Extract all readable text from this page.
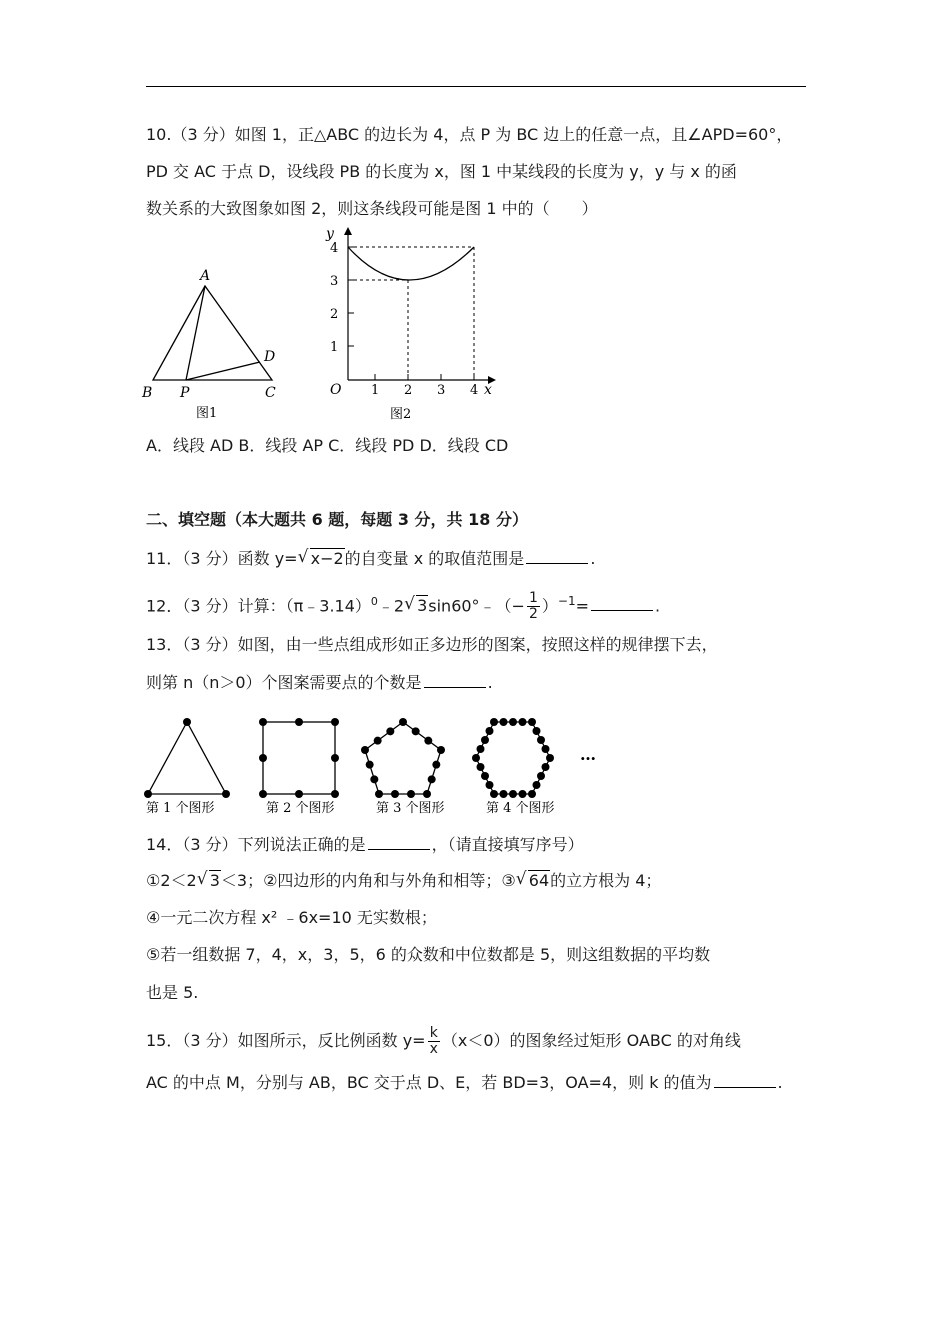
10.（3 分）如图 1，正△ABC 的边长为 4，点 P 为 BC 边上的任意一点，且∠APD=60°，
PD 交 AC 于点 D，设线段 PB 的长度为 x，图 1 中某线段的长度为 y，y 与 x 的函
数关系的大致图象如图 2，则这条线段可能是图 1 中的（　　）
A
B P	C
D
图1
y
x
O
4
3
2
1
1 2 3 4
图2
A．线段 AD B．线段 AP C．线段 PD D．线段 CD
二、填空题（本大题共 6 题，每题 3 分，共 18 分）
11．（3 分）函数 y= √ x−2的自变量 x 的取值范围是	.
12．（3 分）计算：（π﹣3.14）$^0$﹣2 √ 3sin60°﹣（− $\frac{1}{2} )^{-1}=$	.
13．（3 分）如图，由一些点组成形如正多边形的图案，按照这样的规律摆下去，
则第 n（n＞0）个图案需要点的个数是	.
…
第 1 个图形	第 2 个图形	第 3 个图形	第 4 个图形
14．（3 分）下列说法正确的是	，（请直接填写序号）
①2＜2 √ 3＜3；②四边形的内角和与外角和相等；③ √ 64的立方根为 4；
④一元二次方程 x² ﹣6x=10 无实数根；
⑤若一组数据 7，4，x，3，5，6 的众数和中位数都是 5，则这组数据的平均数
也是 5.
15．（3 分）如图所示，反比例函数 $y= \frac{k}{x} (x<0)$的图象经过矩形 OABC 的对角线
AC 的中点 M，分别与 AB，BC 交于点 D、E，若 BD=3，OA=4，则 k 的值为	.
